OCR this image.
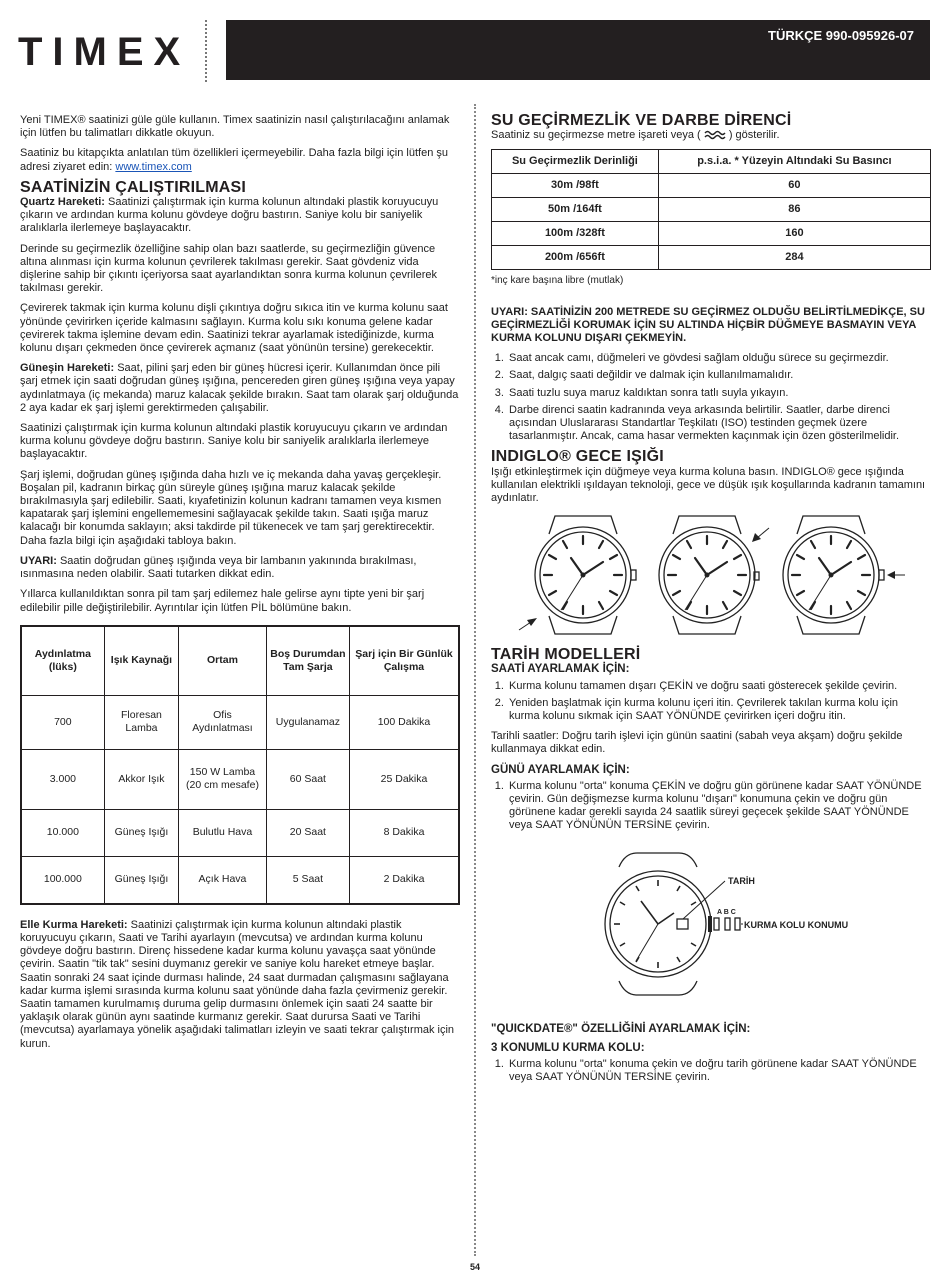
TIMEX	TÜRKÇE 990-095926-07

Yeni TIMEX® saatinizi güle güle kullanın. Timex saatinizin nasıl çalıştırılacağını anlamak için lütfen bu talimatları dikkatle okuyun.

Saatiniz bu kitapçıkta anlatılan tüm özellikleri içermeyebilir. Daha fazla bilgi için lütfen şu adresi ziyaret edin: www.timex.com

SAATİNİZİN ÇALIŞTIRILMASI

Quartz Hareketi: Saatinizi çalıştırmak için kurma kolunun altındaki plastik koruyucuyu çıkarın ve ardından kurma kolunu gövdeye doğru bastırın. Saniye kolu bir saniyelik aralıklarla ilerlemeye başlayacaktır.

Derinde su geçirmezlik özelliğine sahip olan bazı saatlerde, su geçirmezliğin güvence altına alınması için kurma kolunun çevrilerek takılması gerekir. Saat gövdeniz vida dişlerine sahip bir çıkıntı içeriyorsa saat ayarlandıktan sonra kurma kolunun çevrilerek takılması gerekir.

Çevirerek takmak için kurma kolunu dişli çıkıntıya doğru sıkıca itin ve kurma kolunu saat yönünde çevirirken içeride kalmasını sağlayın. Kurma kolu sıkı konuma gelene kadar çevirerek takma işlemine devam edin. Saatinizi tekrar ayarlamak istediğinizde, kurma kolunu dışarı çekmeden önce çevirerek açmanız (saat yönünün tersine) gerekecektir.

Güneşin Hareketi: Saat, pilini şarj eden bir güneş hücresi içerir. Kullanımdan önce pili şarj etmek için saati doğrudan güneş ışığına, pencereden giren güneş ışığına veya yapay aydınlatmaya (iç mekanda) maruz kalacak şekilde bırakın. Saat tam olarak şarj olduğunda 2 aya kadar ek şarj işlemi gerektirmeden çalışabilir.

Saatinizi çalıştırmak için kurma kolunun altındaki plastik koruyucuyu çıkarın ve ardından kurma kolunu gövdeye doğru bastırın. Saniye kolu bir saniyelik aralıklarla ilerlemeye başlayacaktır.

Şarj işlemi, doğrudan güneş ışığında daha hızlı ve iç mekanda daha yavaş gerçekleşir. Boşalan pil, kadranın birkaç gün süreyle güneş ışığına maruz kalacak şekilde bırakılmasıyla şarj edilebilir. Saati, kıyafetinizin kolunun kadranı tamamen veya kısmen kapatarak şarj işlemini engellememesini sağlayacak şekilde takın. Saati ışığa maruz kalacağı bir konumda saklayın; aksi takdirde pil tükenecek ve tam şarj gerektirecektir. Daha fazla bilgi için aşağıdaki tabloya bakın.

UYARI: Saatin doğrudan güneş ışığında veya bir lambanın yakınında bırakılması, ısınmasına neden olabilir. Saati tutarken dikkat edin.

Yıllarca kullanıldıktan sonra pil tam şarj edilemez hale gelirse aynı tipte yeni bir şarj edilebilir pille değiştirilebilir. Ayrıntılar için lütfen PİL bölümüne bakın.

Aydınlatma (lüks)	Işık Kaynağı	Ortam	Boş Durumdan Tam Şarja	Şarj için Bir Günlük Çalışma
700	Floresan Lamba	Ofis Aydınlatması	Uygulanamaz	100 Dakika
3.000	Akkor Işık	150 W Lamba (20 cm mesafe)	60 Saat	25 Dakika
10.000	Güneş Işığı	Bulutlu Hava	20 Saat	8 Dakika
100.000	Güneş Işığı	Açık Hava	5 Saat	2 Dakika

Elle Kurma Hareketi: Saatinizi çalıştırmak için kurma kolunun altındaki plastik koruyucuyu çıkarın, Saati ve Tarihi ayarlayın (mevcutsa) ve ardından kurma kolunu gövdeye doğru bastırın. Direnç hissedene kadar kurma kolunu yavaşça saat yönünde çevirin. Saatin "tik tak" sesini duymanız gerekir ve saniye kolu hareket etmeye başlar. Saatin sonraki 24 saat içinde durması halinde, 24 saat durmadan çalışmasını sağlayana kadar kurma işlemi sırasında kurma kolunu saat yönünde daha fazla çevirmeniz gerekir. Saatin tamamen kurulmamış duruma gelip durmasını önlemek için saati 24 saatte bir yaklaşık olarak günün aynı saatinde kurmanız gerekir. Saat durursa Saati ve Tarihi (mevcutsa) ayarlamaya yönelik aşağıdaki talimatları izleyin ve saati tekrar çalıştırmak için kurun.

SU GEÇİRMEZLİK VE DARBE DİRENCİ

Saatiniz su geçirmezse metre işareti veya (	) gösterilir.

Su Geçirmezlik Derinliği	p.s.i.a. * Yüzeyin Altındaki Su Basıncı
30m /98ft	60
50m /164ft	86
100m /328ft	160
200m /656ft	284

*inç kare başına libre (mutlak)

UYARI: SAATİNİZİN 200 METREDE SU GEÇİRMEZ OLDUĞU BELİRTİLMEDİKÇE, SU GEÇİRMEZLİĞİ KORUMAK İÇİN SU ALTINDA HİÇBİR DÜĞMEYE BASMAYIN VEYA KURMA KOLUNU DIŞARI ÇEKMEYİN.

1. Saat ancak camı, düğmeleri ve gövdesi sağlam olduğu sürece su geçirmezdir.
2. Saat, dalgıç saati değildir ve dalmak için kullanılmamalıdır.
3. Saati tuzlu suya maruz kaldıktan sonra tatlı suyla yıkayın.
4. Darbe direnci saatin kadranında veya arkasında belirtilir. Saatler, darbe direnci açısından Uluslararası Standartlar Teşkilatı (ISO) testinden geçmek üzere tasarlanmıştır. Ancak, cama hasar vermekten kaçınmak için özen gösterilmelidir.
INDIGLO® GECE IŞIĞI

Işığı etkinleştirmek için düğmeye veya kurma koluna basın. INDIGLO® gece ışığında kullanılan elektrikli ışıldayan teknoloji, gece ve düşük ışık koşullarında kadranın tamamını aydınlatır.

TARİH MODELLERİ
SAATİ AYARLAMAK İÇİN:
1. Kurma kolunu tamamen dışarı ÇEKİN ve doğru saati gösterecek şekilde çevirin.
2. Yeniden başlatmak için kurma kolunu içeri itin. Çevrilerek takılan kurma kolu için kurma kolunu sıkmak için SAAT YÖNÜNDE çevirirken içeri doğru itin.

Tarihli saatler: Doğru tarih işlevi için günün saatini (sabah veya akşam) doğru şekilde kullanmaya dikkat edin.

GÜNÜ AYARLAMAK İÇİN:
1. Kurma kolunu "orta" konuma ÇEKİN ve doğru gün görünene kadar SAAT YÖNÜNDE çevirin. Gün değişmezse kurma kolunu "dışarı" konumuna çekin ve doğru gün görünene kadar gerekli sayıda 24 saatlik süreyi geçecek şekilde SAAT YÖNÜNDE veya SAAT YÖNÜNÜN TERSİNE çevirin.
TARİH
A B C
KURMA KOLU KONUMU
"QUICKDATE®" ÖZELLİĞİNİ AYARLAMAK İÇİN:
3 KONUMLU KURMA KOLU:
1. Kurma kolunu "orta" konuma çekin ve doğru tarih görünene kadar SAAT YÖNÜNDE veya SAAT YÖNÜNÜN TERSİNE çevirin.
54
